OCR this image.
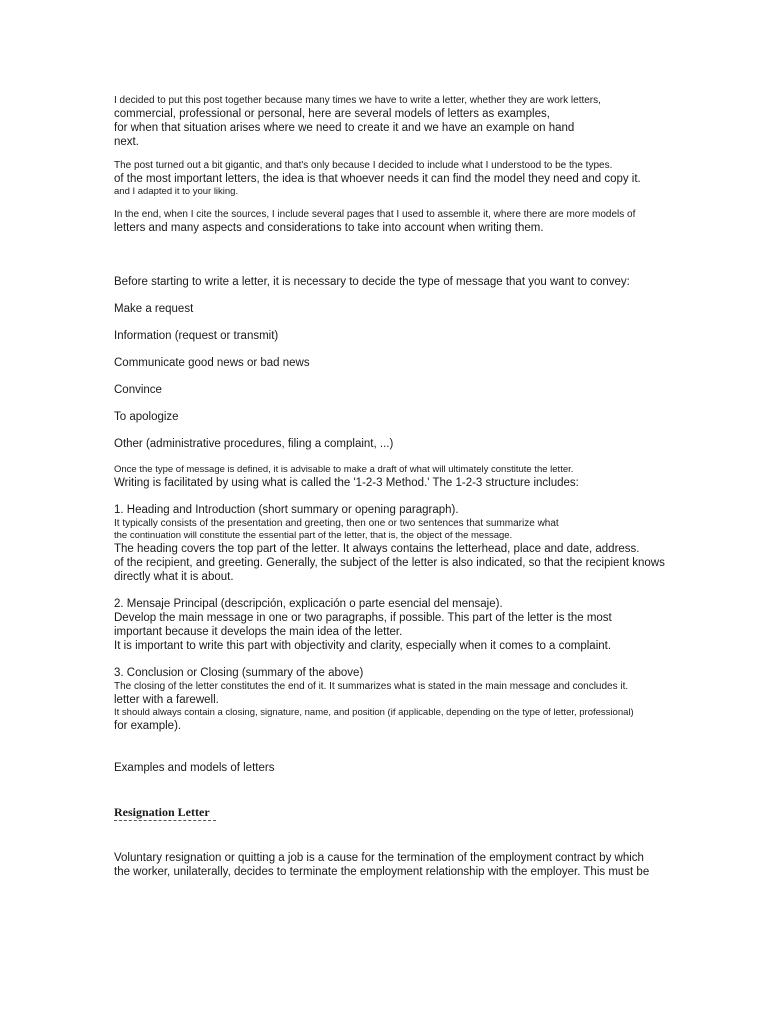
I decided to put this post together because many times we have to write a letter, whether they are work letters,
commercial, professional or personal, here are several models of letters as examples,
for when that situation arises where we need to create it and we have an example on hand
next.
The post turned out a bit gigantic, and that's only because I decided to include what I understood to be the types.
of the most important letters, the idea is that whoever needs it can find the model they need and copy it.
and I adapted it to your liking.
In the end, when I cite the sources, I include several pages that I used to assemble it, where there are more models of
letters and many aspects and considerations to take into account when writing them.
Before starting to write a letter, it is necessary to decide the type of message that you want to convey:
Make a request
Information (request or transmit)
Communicate good news or bad news
Convince
To apologize
Other (administrative procedures, filing a complaint, ...)
Once the type of message is defined, it is advisable to make a draft of what will ultimately constitute the letter.
Writing is facilitated by using what is called the '1-2-3 Method.' The 1-2-3 structure includes:
1. Heading and Introduction (short summary or opening paragraph).
It typically consists of the presentation and greeting, then one or two sentences that summarize what
the continuation will constitute the essential part of the letter, that is, the object of the message.
The heading covers the top part of the letter. It always contains the letterhead, place and date, address.
of the recipient, and greeting. Generally, the subject of the letter is also indicated, so that the recipient knows
directly what it is about.
2. Mensaje Principal (descripción, explicación o parte esencial del mensaje).
Develop the main message in one or two paragraphs, if possible. This part of the letter is the most
important because it develops the main idea of the letter.
It is important to write this part with objectivity and clarity, especially when it comes to a complaint.
3. Conclusion or Closing (summary of the above)
The closing of the letter constitutes the end of it. It summarizes what is stated in the main message and concludes it.
letter with a farewell.
It should always contain a closing, signature, name, and position (if applicable, depending on the type of letter, professional)
for example).
Examples and models of letters
Resignation Letter
Voluntary resignation or quitting a job is a cause for the termination of the employment contract by which
the worker, unilaterally, decides to terminate the employment relationship with the employer. This must be
